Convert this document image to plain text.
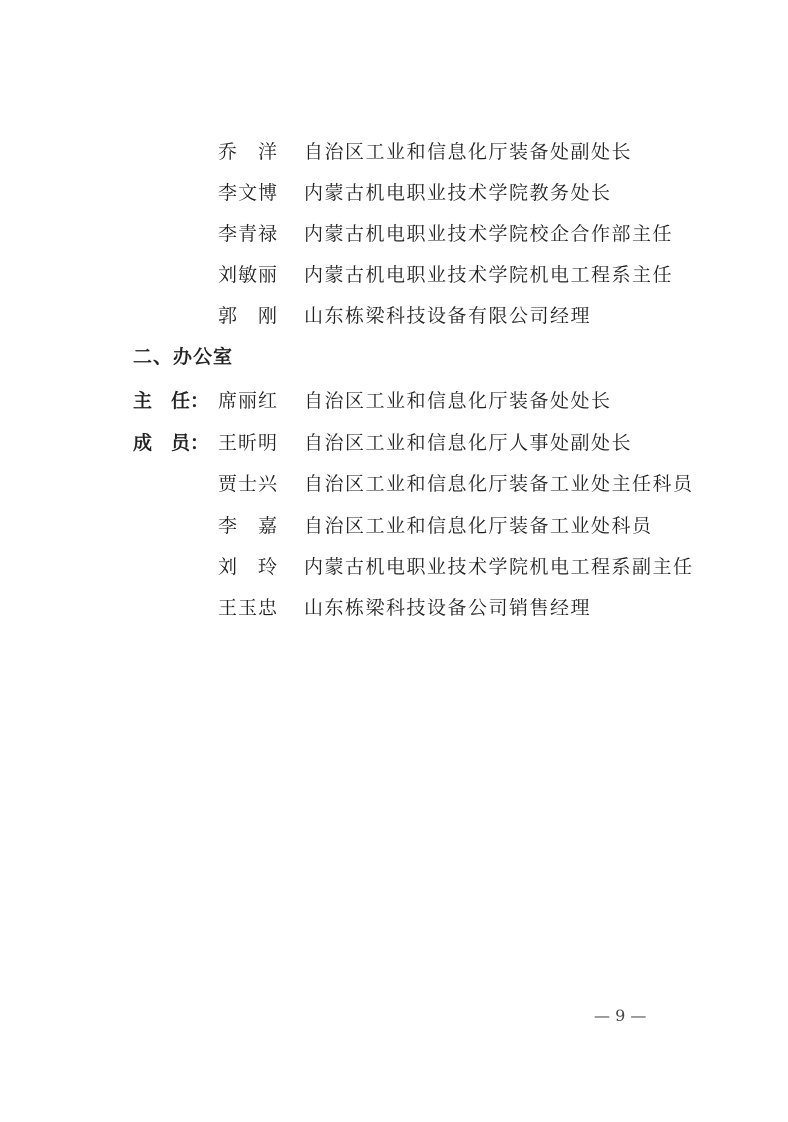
乔　洋	自治区工业和信息化厅装备处副处长
李文博	内蒙古机电职业技术学院教务处长
李青禄	内蒙古机电职业技术学院校企合作部主任
刘敏丽	内蒙古机电职业技术学院机电工程系主任
郭　刚	山东栋梁科技设备有限公司经理
二、办公室
主　任： 席丽红	自治区工业和信息化厅装备处处长
成　员： 王昕明	自治区工业和信息化厅人事处副处长
贾士兴	自治区工业和信息化厅装备工业处主任科员
李　嘉	自治区工业和信息化厅装备工业处科员
刘　玲	内蒙古机电职业技术学院机电工程系副主任
王玉忠	山东栋梁科技设备公司销售经理
— 9 —
